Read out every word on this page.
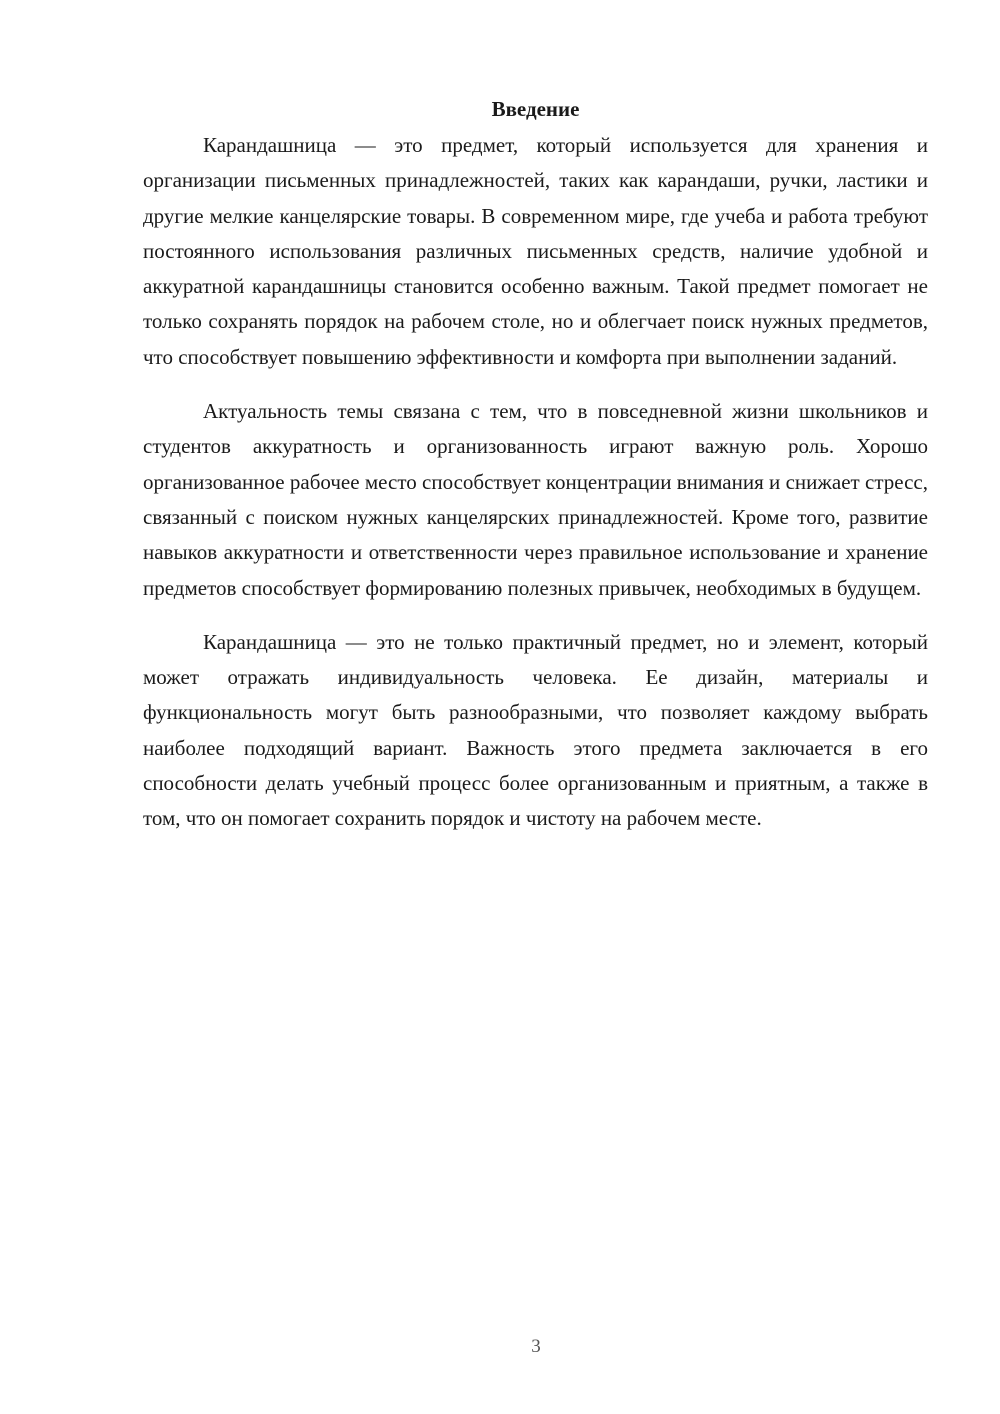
Введение

Карандашница — это предмет, который используется для хранения и организации письменных принадлежностей, таких как карандаши, ручки, ластики и другие мелкие канцелярские товары. В современном мире, где учеба и работа требуют постоянного использования различных письменных средств, наличие удобной и аккуратной карандашницы становится особенно важным. Такой предмет помогает не только сохранять порядок на рабочем столе, но и облегчает поиск нужных предметов, что способствует повышению эффективности и комфорта при выполнении заданий.

Актуальность темы связана с тем, что в повседневной жизни школьников и студентов аккуратность и организованность играют важную роль. Хорошо организованное рабочее место способствует концентрации внимания и снижает стресс, связанный с поиском нужных канцелярских принадлежностей. Кроме того, развитие навыков аккуратности и ответственности через правильное использование и хранение предметов способствует формированию полезных привычек, необходимых в будущем.

Карандашница — это не только практичный предмет, но и элемент, который может отражать индивидуальность человека. Ее дизайн, материалы и функциональность могут быть разнообразными, что позволяет каждому выбрать наиболее подходящий вариант. Важность этого предмета заключается в его способности делать учебный процесс более организованным и приятным, а также в том, что он помогает сохранить порядок и чистоту на рабочем месте.

3
